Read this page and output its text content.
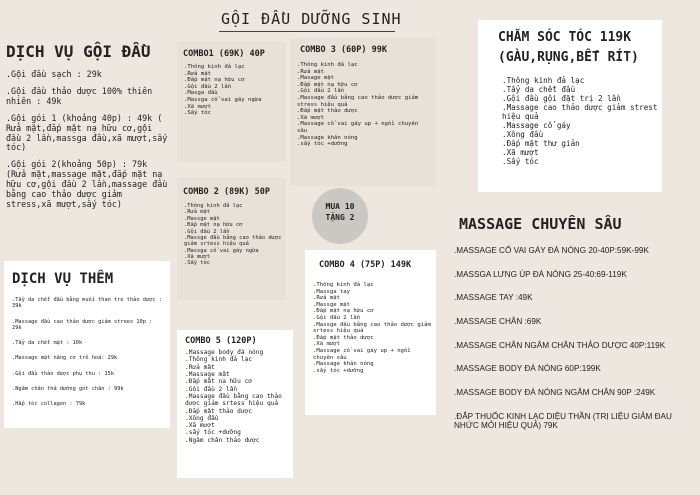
GỘI ĐẦU DƯỠNG SINH
DỊCH VỤ GỘI ĐẦU
.Gội đầu sạch : 29k
.Gội đầu thảo dược 100% thiên nhiên : 49k
.Gội gói 1 (khoảng 40p) : 49k ( Rửa mặt,đắp mặt nạ hữu cơ,gội đầu 2 lần,massga đầu,xã mượt,sấy tóc)
.Gội gói 2(khoảng 50p) : 79k (Rửa mặt,massage mặt,đắp mặt nạ hữu cơ,gội đầu 2 lần,massage đầu bằng cao thảo dược giảm stress,xã mượt,sấy tóc)
DỊCH VỤ THÊM
.Tẩy da chết đầu bằng muối than tre thảo dược : 39k
.Massage đầu cao thảo dược giảm strees 10p : 29k
.Tẩy da chết mặt : 10k
.Massage mặt nâng cơ trẻ hoá: 29k
.Gội đầu thảo dược phụ thu : 15k
.Ngâm chân thả dưỡng gót chân : 99k
.Hấp tóc collagen : 79k
COMBO1 (69K) 40P
.Thông kinh đả lạc
.Rửa mặt
.Đắp mặt nạ hữu cơ
.Gội đầu 2 lần
.Masga đầu
.Massga cổ vai gáy ngừa
.Xã mượt
.Sấy tóc
COMBO 2 (89K) 50P
.Thông kinh đả lạc
.Rửa mặt
.Massge mặt
.Đắp mặt nạ hữu cơ
.Gội đầu 2 lần
.Massge đầu bằng cao thảo dược giảm srtess hiệu quả
.Massga cổ vai gáy ngừa
.Xã mượt
.Sấy tóc
COMBO 5 (120P)
.Massage body đá nóng
.Thông kinh đả lạc
.Rửa mặt
.Massage mặt
.Đắp mặt nạ hữu cơ
.Gội đầu 2 lần
.Massage đầu bằng cao thảo dược giảm srtess hiệu quả
.Đắp mặt thảo dược
.Xông đầu
.Xã mượt
.sấy tóc +dưỡng
.Ngâm chân thảo dược
COMBO 3 (60P) 99K
.Thông kinh đả lạc
.Rửa mặt
.Masage mặt
.Đắp mặt nạ hữu cơ
.Gội đầu 2 lần
.Massage đầu bằng cao thảo dược giảm stress hiệu quả
.Đắp mặt thảo dược
.Xã mượt
.Massage cổ vai gáy up + ngồi chuyên sâu
.Massage khăn nóng
.sấy tóc +dưỡng
MUA 10
TẶNG 2
COMBO 4 (75P) 149K
.Thông kinh đả lạc
.Massga tay
.Rửa mặt
.Massge mặt
.Đắp mặt nạ hữu cơ
.Gội đầu 2 lần
.Massge đầu bằng cao thảo dược giảm srtess hiệu quả
.Đắp mặt thảo dược
.Xã mượt
.Massage cổ vai gáy up + ngồi chuyên sâu
.Massage khăn nóng
.sấy tóc +dưỡng
CHĂM SÓC TÓC 119K
(GÀU,RỤNG,BẾT RÍT)
.Thông kinh đả lạc
.Tẩy da chết đầu
.Gội đầu gội đặt trị 2 lần
.Massage cao thảo dược giảm strest hiệu quả
.Massage cổ gáy
.Xông đầu
.Đắp mặt thư giản
.Xã mượt
.Sấy tóc
MASSAGE CHUYÊN SÂU
.MASSAGE CỔ VAI GÁY ĐÁ NÓNG 20-40P:59K-99K
.MASSGA LƯNG ÚP ĐÁ NÓNG 25-40:69-119K
.MASSAGE TAY :49K
.MASSAGE CHÂN :69K
.MASSAGE CHÂN NGÂM CHÂN THẢO DƯỢC 40P:119K
.MASSAGE BODY ĐÁ NÓNG 60P:199K
.MASSAGE BODY ĐÁ NÓNG NGÂM CHÂN 90P :249K
.ĐẮP THUỐC KINH LẠC DIỆU THẦN (TRỊ LIỆU GIẢM ĐAU NHỨC MỎI HIỆU QUẢ) 79K
